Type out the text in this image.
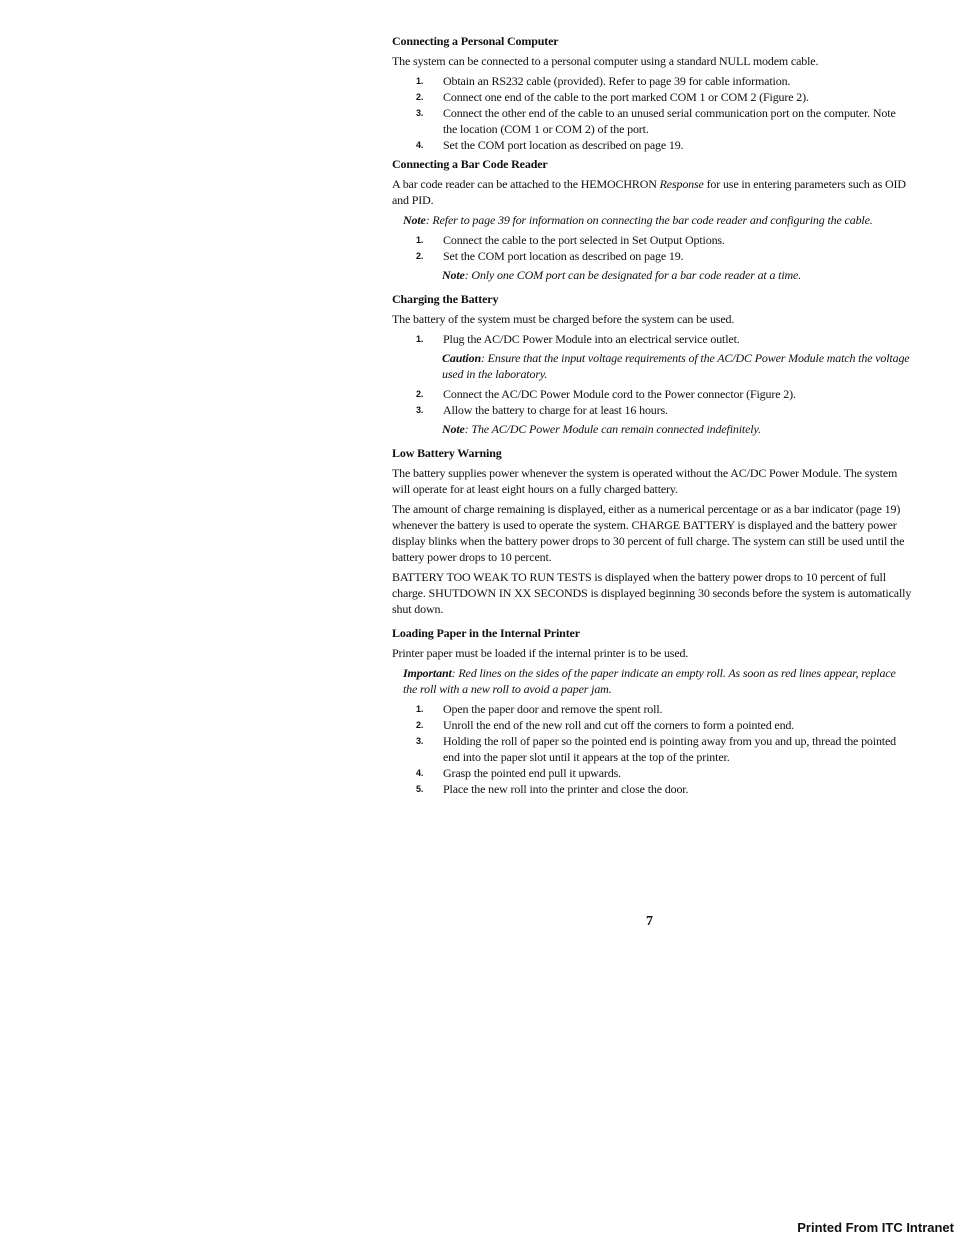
Connecting a Personal Computer
The system can be connected to a personal computer using a standard NULL modem cable.
1.	Obtain an RS232 cable (provided). Refer to page 39 for cable information.
2.	Connect one end of the cable to the port marked COM 1 or COM 2 (Figure 2).
3.	Connect the other end of the cable to an unused serial communication port on the computer. Note the location (COM 1 or COM 2) of the port.
4.	Set the COM port location as described on page 19.
Connecting a Bar Code Reader
A bar code reader can be attached to the HEMOCHRON Response for use in entering parameters such as OID and PID.
Note: Refer to page 39 for information on connecting the bar code reader and configuring the cable.
1.	Connect the cable to the port selected in Set Output Options.
2.	Set the COM port location as described on page 19.
Note: Only one COM port can be designated for a bar code reader at a time.
Charging the Battery
The battery of the system must be charged before the system can be used.
1.	Plug the AC/DC Power Module into an electrical service outlet.
Caution: Ensure that the input voltage requirements of the AC/DC Power Module match the voltage used in the laboratory.
2.	Connect the AC/DC Power Module cord to the Power connector (Figure 2).
3.	Allow the battery to charge for at least 16 hours.
Note: The AC/DC Power Module can remain connected indefinitely.
Low Battery Warning
The battery supplies power whenever the system is operated without the AC/DC Power Module. The system will operate for at least eight hours on a fully charged battery.
The amount of charge remaining is displayed, either as a numerical percentage or as a bar indicator (page 19) whenever the battery is used to operate the system. CHARGE BATTERY is displayed and the battery power display blinks when the battery power drops to 30 percent of full charge. The system can still be used until the battery power drops to 10 percent.
BATTERY TOO WEAK TO RUN TESTS is displayed when the battery power drops to 10 percent of full charge. SHUTDOWN IN XX SECONDS is displayed beginning 30 seconds before the system is automatically shut down.
Loading Paper in the Internal Printer
Printer paper must be loaded if the internal printer is to be used.
Important: Red lines on the sides of the paper indicate an empty roll. As soon as red lines appear, replace the roll with a new roll to avoid a paper jam.
1.	Open the paper door and remove the spent roll.
2.	Unroll the end of the new roll and cut off the corners to form a pointed end.
3.	Holding the roll of paper so the pointed end is pointing away from you and up, thread the pointed end into the paper slot until it appears at the top of the printer.
4.	Grasp the pointed end pull it upwards.
5.	Place the new roll into the printer and close the door.
7
Printed From ITC Intranet
